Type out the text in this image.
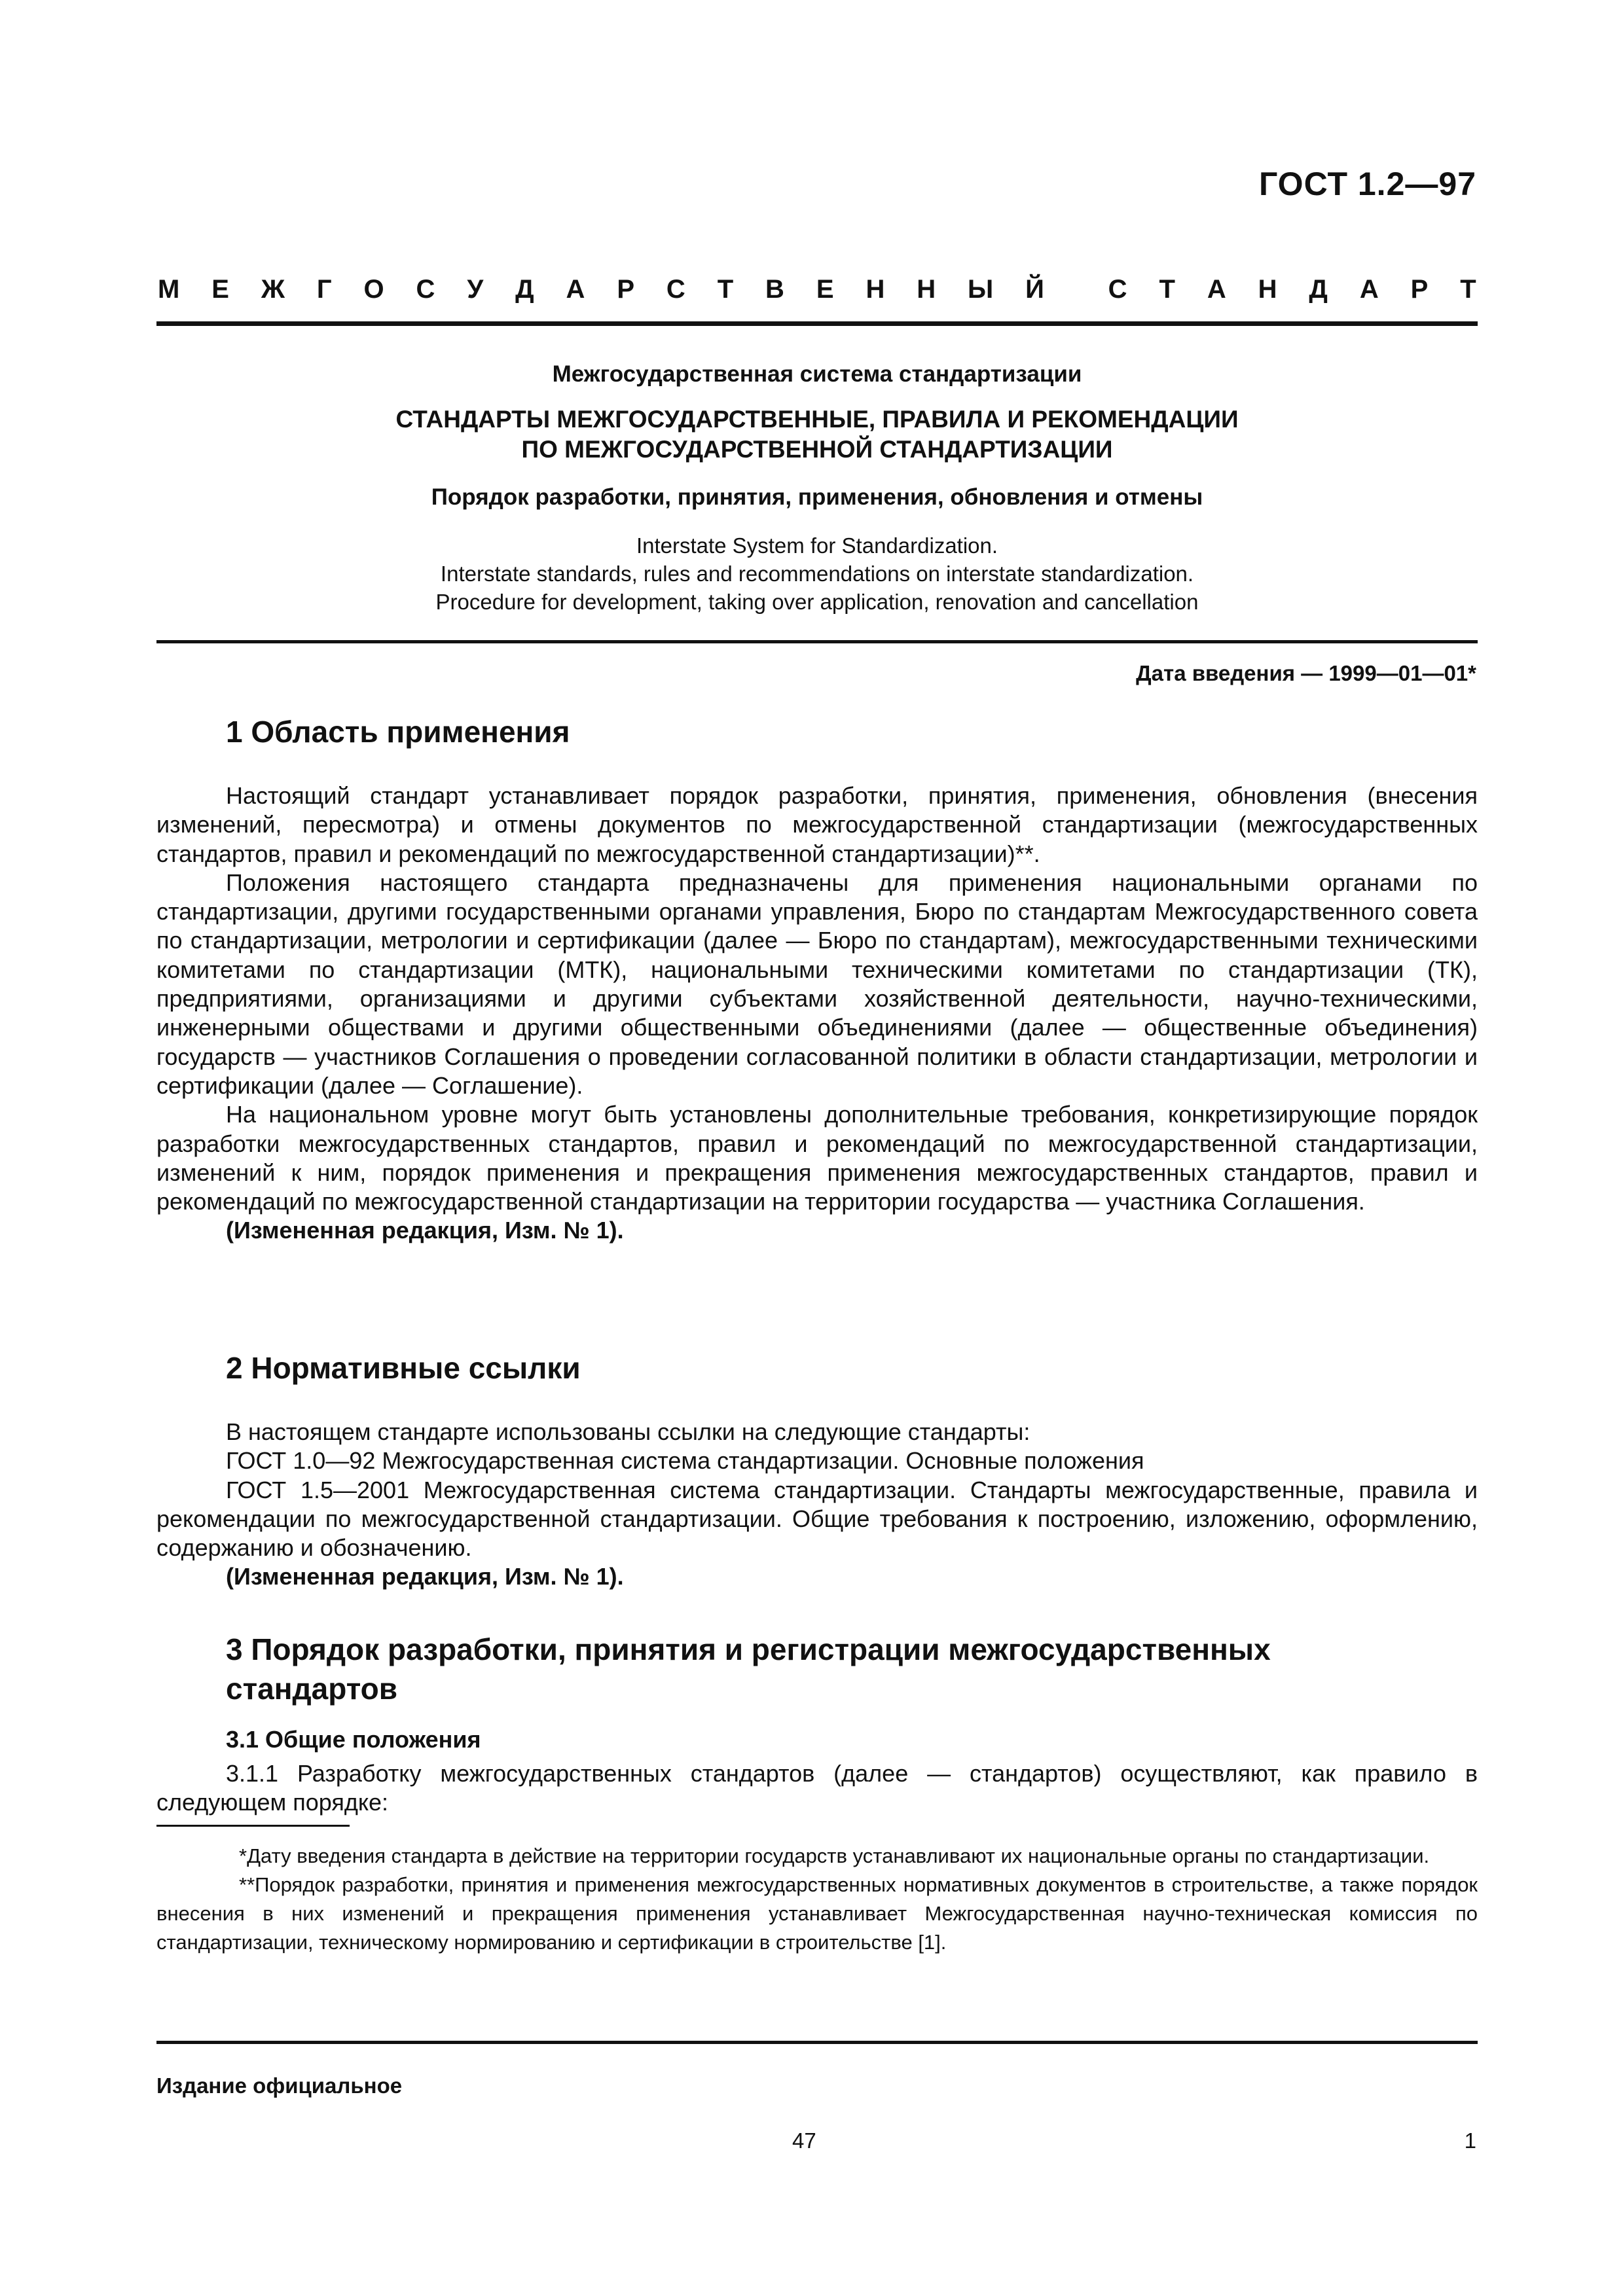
ГОСТ 1.2—97
М Е Ж Г О С У Д А Р С Т В Е Н Н Ы Й С Т А Н Д А Р Т
Межгосударственная система стандартизации
СТАНДАРТЫ МЕЖГОСУДАРСТВЕННЫЕ, ПРАВИЛА И РЕКОМЕНДАЦИИ
ПО МЕЖГОСУДАРСТВЕННОЙ СТАНДАРТИЗАЦИИ
Порядок разработки, принятия, применения, обновления и отмены
Interstate System for Standardization.
Interstate standards, rules and recommendations on interstate standardization.
Procedure for development, taking over application, renovation and cancellation
Дата введения — 1999—01—01*
1 Область применения

Настоящий стандарт устанавливает порядок разработки, принятия, применения, обновления (внесения изменений, пересмотра) и отмены документов по межгосударственной стандартизации (межгосударственных стандартов, правил и рекомендаций по межгосударственной стандартизации)**.

Положения настоящего стандарта предназначены для применения национальными органами по стандартизации, другими государственными органами управления, Бюро по стандартам Межгосударственного совета по стандартизации, метрологии и сертификации (далее — Бюро по стандартам), межгосударственными техническими комитетами по стандартизации (МТК), национальными техническими комитетами по стандартизации (ТК), предприятиями, организациями и другими субъектами хозяйственной деятельности, научно-техническими, инженерными обществами и другими общественными объединениями (далее — общественные объединения) государств — участников Соглашения о проведении согласованной политики в области стандартизации, метрологии и сертификации (далее — Соглашение).

На национальном уровне могут быть установлены дополнительные требования, конкретизирующие порядок разработки межгосударственных стандартов, правил и рекомендаций по межгосударственной стандартизации, изменений к ним, порядок применения и прекращения применения межгосударственных стандартов, правил и рекомендаций по межгосударственной стандартизации на территории государства — участника Соглашения.

(Измененная редакция, Изм. № 1).

2 Нормативные ссылки

В настоящем стандарте использованы ссылки на следующие стандарты:

ГОСТ 1.0—92 Межгосударственная система стандартизации. Основные положения

ГОСТ 1.5—2001 Межгосударственная система стандартизации. Стандарты межгосударственные, правила и рекомендации по межгосударственной стандартизации. Общие требования к построению, изложению, оформлению, содержанию и обозначению.

(Измененная редакция, Изм. № 1).

3 Порядок разработки, принятия и регистрации межгосударственных стандартов
3.1 Общие положения

3.1.1 Разработку межгосударственных стандартов (далее — стандартов) осуществляют, как правило в следующем порядке:

*Дату введения стандарта в действие на территории государств устанавливают их национальные органы по стандартизации.

**Порядок разработки, принятия и применения межгосударственных нормативных документов в строительстве, а также порядок внесения в них изменений и прекращения применения устанавливает Межгосударственная научно-техническая комиссия по стандартизации, техническому нормированию и сертификации в строительстве [1].

Издание официальное
47	1
